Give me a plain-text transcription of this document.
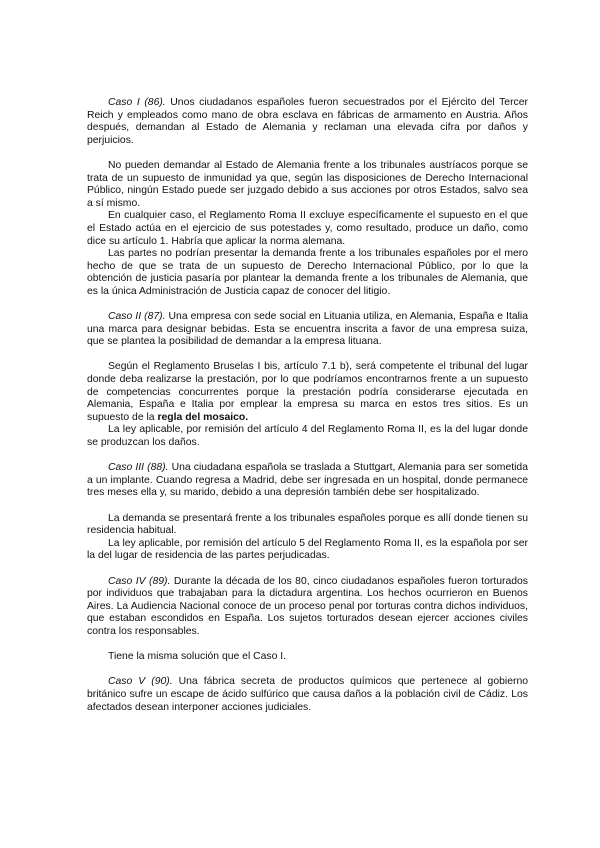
Caso I (86). Unos ciudadanos españoles fueron secuestrados por el Ejército del Tercer Reich y empleados como mano de obra esclava en fábricas de armamento en Austria. Años después, demandan al Estado de Alemania y reclaman una elevada cifra por daños y perjuicios.

No pueden demandar al Estado de Alemania frente a los tribunales austríacos porque se trata de un supuesto de inmunidad ya que, según las disposiciones de Derecho Internacional Público, ningún Estado puede ser juzgado debido a sus acciones por otros Estados, salvo sea a sí mismo.

En cualquier caso, el Reglamento Roma II excluye específicamente el supuesto en el que el Estado actúa en el ejercicio de sus potestades y, como resultado, produce un daño, como dice su artículo 1. Habría que aplicar la norma alemana.

Las partes no podrían presentar la demanda frente a los tribunales españoles por el mero hecho de que se trata de un supuesto de Derecho Internacional Público, por lo que la obtención de justicia pasaría por plantear la demanda frente a los tribunales de Alemania, que es la única Administración de Justicia capaz de conocer del litigio.

Caso II (87). Una empresa con sede social en Lituania utiliza, en Alemania, España e Italia una marca para designar bebidas. Esta se encuentra inscrita a favor de una empresa suiza, que se plantea la posibilidad de demandar a la empresa lituana.

Según el Reglamento Bruselas I bis, artículo 7.1 b), será competente el tribunal del lugar donde deba realizarse la prestación, por lo que podríamos encontrarnos frente a un supuesto de competencias concurrentes porque la prestación podría considerarse ejecutada en Alemania, España e Italia por emplear la empresa su marca en estos tres sitios. Es un supuesto de la regla del mosaico.

La ley aplicable, por remisión del artículo 4 del Reglamento Roma II, es la del lugar donde se produzcan los daños.

Caso III (88). Una ciudadana española se traslada a Stuttgart, Alemania para ser sometida a un implante. Cuando regresa a Madrid, debe ser ingresada en un hospital, donde permanece tres meses ella y, su marido, debido a una depresión también debe ser hospitalizado.

La demanda se presentará frente a los tribunales españoles porque es allí donde tienen su residencia habitual.

La ley aplicable, por remisión del artículo 5 del Reglamento Roma II, es la española por ser la del lugar de residencia de las partes perjudicadas.

Caso IV (89). Durante la década de los 80, cinco ciudadanos españoles fueron torturados por individuos que trabajaban para la dictadura argentina. Los hechos ocurrieron en Buenos Aires. La Audiencia Nacional conoce de un proceso penal por torturas contra dichos individuos, que estaban escondidos en España. Los sujetos torturados desean ejercer acciones civiles contra los responsables.

Tiene la misma solución que el Caso I.

Caso V (90). Una fábrica secreta de productos químicos que pertenece al gobierno británico sufre un escape de ácido sulfúrico que causa daños a la población civil de Cádiz. Los afectados desean interponer acciones judiciales.
